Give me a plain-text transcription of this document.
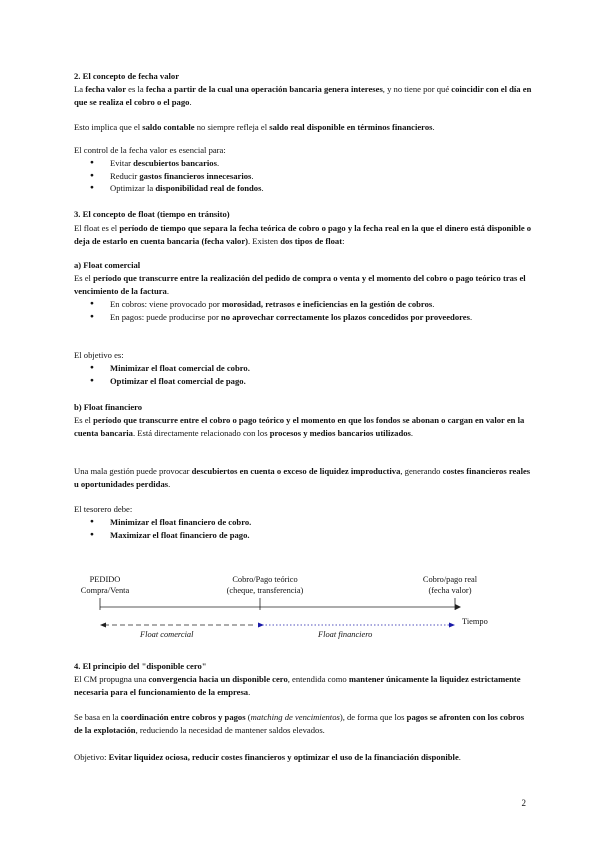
2. El concepto de fecha valor

La fecha valor es la fecha a partir de la cual una operación bancaria genera intereses, y no tiene por qué coincidir con el día en que se realiza el cobro o el pago.

Esto implica que el saldo contable no siempre refleja el saldo real disponible en términos financieros.

El control de la fecha valor es esencial para:

● Evitar descubiertos bancarios.
● Reducir gastos financieros innecesarios.
● Optimizar la disponibilidad real de fondos.

3. El concepto de float (tiempo en tránsito)

El float es el período de tiempo que separa la fecha teórica de cobro o pago y la fecha real en la que el dinero está disponible o deja de estarlo en cuenta bancaria (fecha valor). Existen dos tipos de float:

a) Float comercial

Es el período que transcurre entre la realización del pedido de compra o venta y el momento del cobro o pago teórico tras el vencimiento de la factura.

● En cobros: viene provocado por morosidad, retrasos e ineficiencias en la gestión de cobros.
● En pagos: puede producirse por no aprovechar correctamente los plazos concedidos por proveedores.

El objetivo es:

● Minimizar el float comercial de cobro.
● Optimizar el float comercial de pago.

b) Float financiero

Es el período que transcurre entre el cobro o pago teórico y el momento en que los fondos se abonan o cargan en valor en la cuenta bancaria. Está directamente relacionado con los procesos y medios bancarios utilizados.

Una mala gestión puede provocar descubiertos en cuenta o exceso de liquidez improductiva, generando costes financieros reales u oportunidades perdidas.

El tesorero debe:

● Minimizar el float financiero de cobro.
● Maximizar el float financiero de pago.
PEDIDO
Compra/Venta
Cobro/Pago teórico
(cheque, transferencia)
Cobro/pago real
(fecha valor)
Tiempo
Float comercial	Float financiero

4. El principio del "disponible cero"

El CM propugna una convergencia hacia un disponible cero, entendida como mantener únicamente la liquidez estrictamente necesaria para el funcionamiento de la empresa.

Se basa en la coordinación entre cobros y pagos (matching de vencimientos), de forma que los pagos se afronten con los cobros de la explotación, reduciendo la necesidad de mantener saldos elevados.

Objetivo: Evitar liquidez ociosa, reducir costes financieros y optimizar el uso de la financiación disponible.

2
